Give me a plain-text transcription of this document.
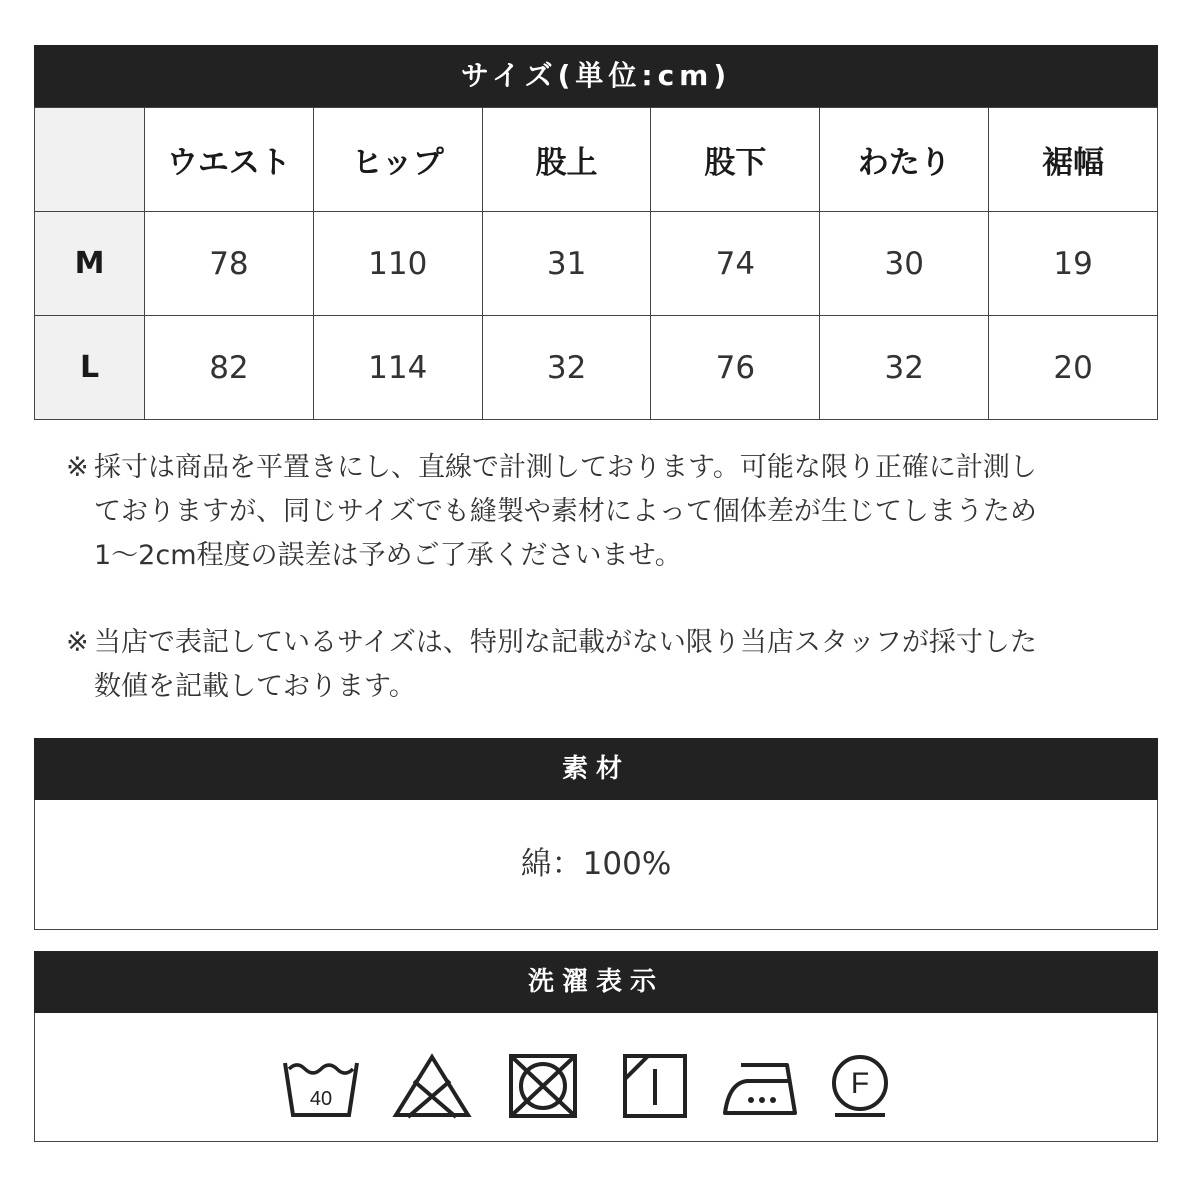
サイズ(単位:cm)
	ウエスト	ヒップ	股上	股下	わたり	裾幅
M	78	110	31	74	30	19
L	82	114	32	76	32	20
※ 採寸は商品を平置きにし、直線で計測しております。可能な限り正確に計測し
ておりますが、同じサイズでも縫製や素材によって個体差が生じてしまうため
1～2cm程度の誤差は予めご了承くださいませ。
※ 当店で表記しているサイズは、特別な記載がない限り当店スタッフが採寸した
数値を記載しております。
素材
綿：100%
洗濯表示
40	F
